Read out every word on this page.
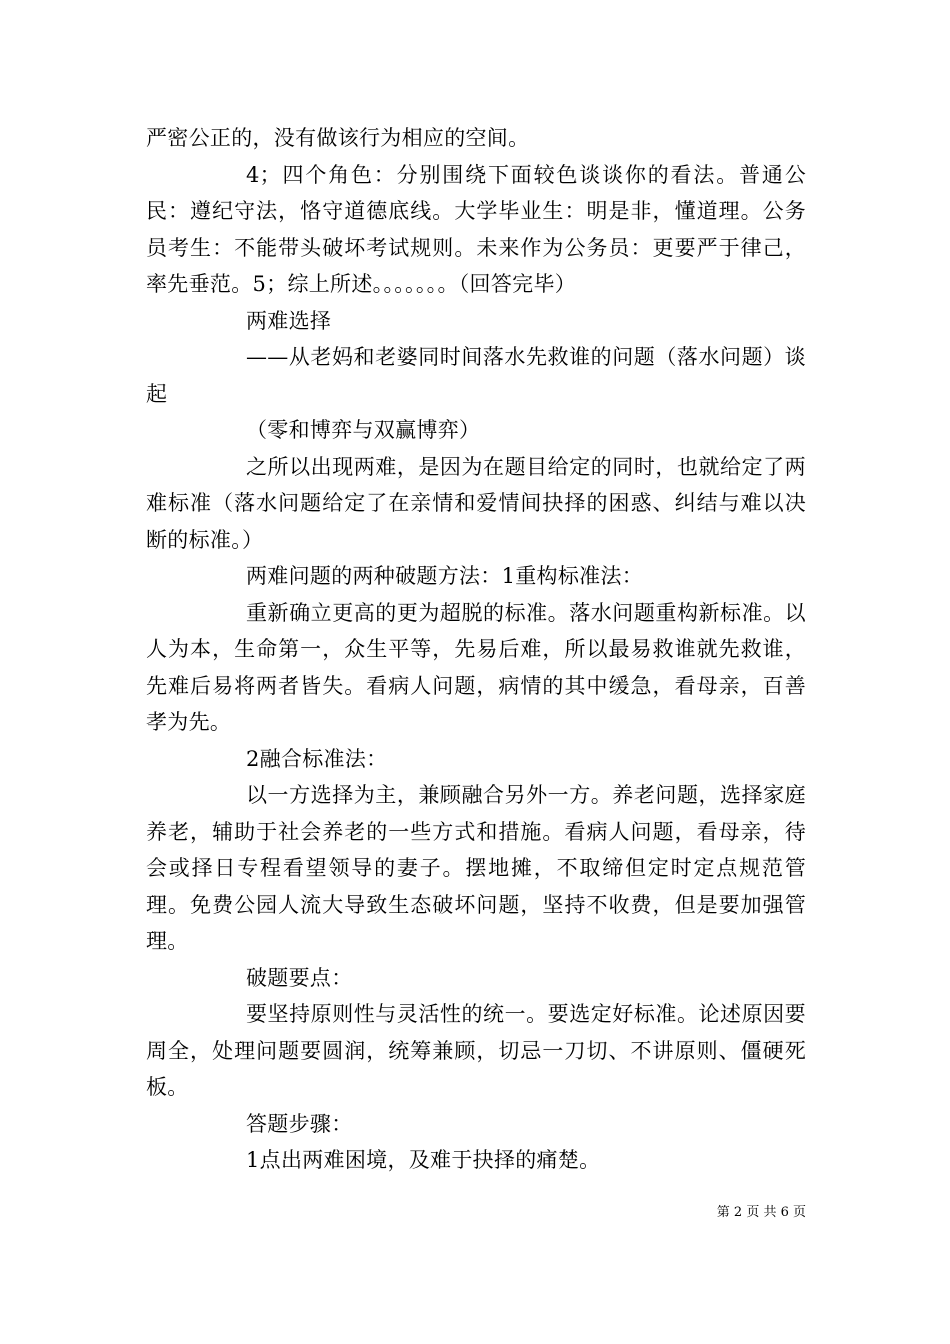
严密公正的，没有做该行为相应的空间。

4；四个角色：分别围绕下面较色谈谈你的看法。普通公民：遵纪守法，恪守道德底线。大学毕业生：明是非，懂道理。公务员考生：不能带头破坏考试规则。未来作为公务员：更要严于律己，率先垂范。5；综上所述。。。。。。。（回答完毕）

两难选择

——从老妈和老婆同时间落水先救谁的问题（落水问题）谈起

（零和博弈与双赢博弈）

之所以出现两难，是因为在题目给定的同时，也就给定了两难标准（落水问题给定了在亲情和爱情间抉择的困惑、纠结与难以决断的标准。）

两难问题的两种破题方法：1重构标准法：

重新确立更高的更为超脱的标准。落水问题重构新标准。以人为本，生命第一，众生平等，先易后难，所以最易救谁就先救谁，先难后易将两者皆失。看病人问题，病情的其中缓急，看母亲，百善孝为先。

2融合标准法：

以一方选择为主，兼顾融合另外一方。养老问题，选择家庭养老，辅助于社会养老的一些方式和措施。看病人问题，看母亲，待会或择日专程看望领导的妻子。摆地摊，不取缔但定时定点规范管理。免费公园人流大导致生态破坏问题，坚持不收费，但是要加强管理。

破题要点：

要坚持原则性与灵活性的统一。要选定好标准。论述原因要周全，处理问题要圆润，统筹兼顾，切忌一刀切、不讲原则、僵硬死板。

答题步骤：

1点出两难困境，及难于抉择的痛楚。

第 2 页 共 6 页
